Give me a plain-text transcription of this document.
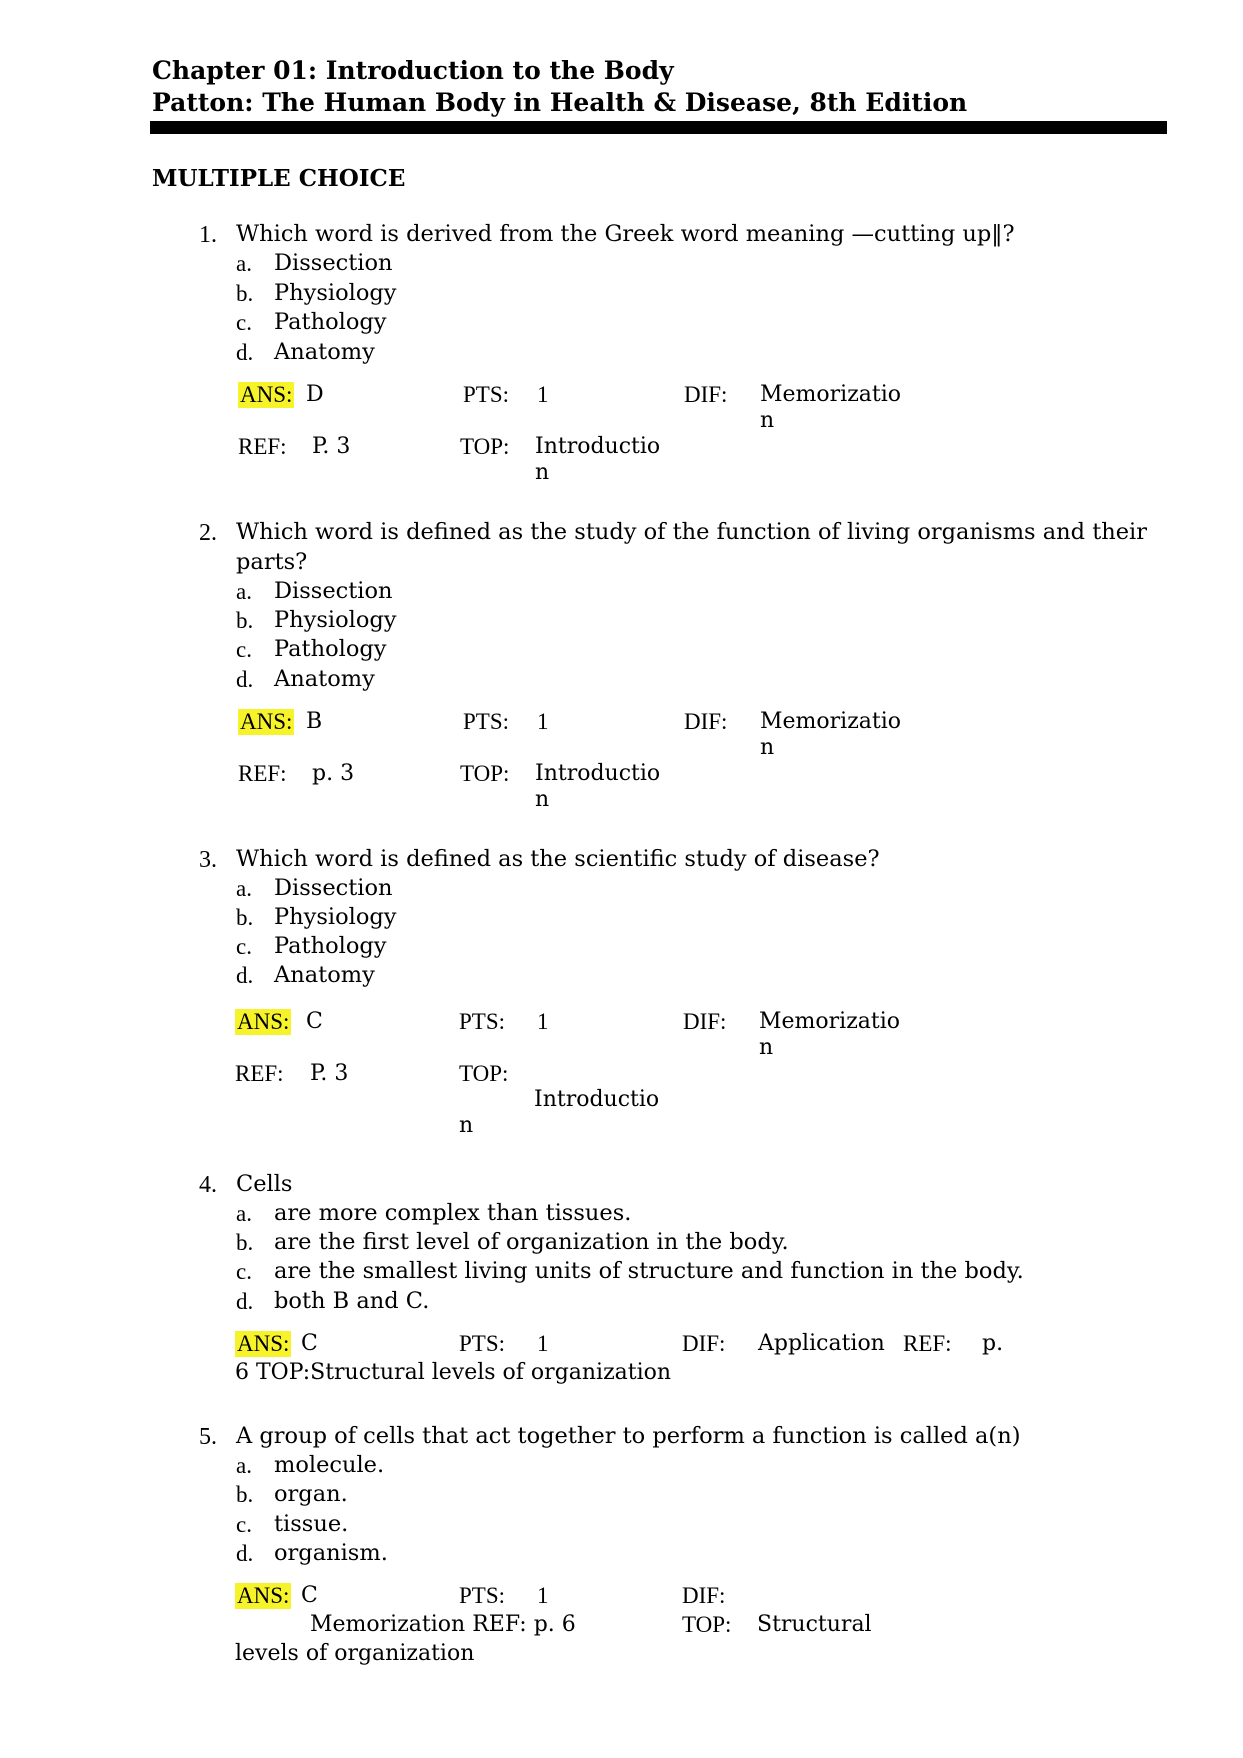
Chapter 01: Introduction to the Body
Patton: The Human Body in Health & Disease, 8th Edition
MULTIPLE CHOICE
1. Which word is derived from the Greek word meaning —cutting up‖?
a. Dissection
b. Physiology
c. Pathology
d. Anatomy
ANS: D	PTS: 1	DIF: Memorizatio
n
REF: P. 3	TOP: Introductio
n
2. Which word is defined as the study of the function of living organisms and their
parts?
a. Dissection
b. Physiology
c. Pathology
d. Anatomy
ANS: B	PTS: 1	DIF: Memorizatio
n
REF: p. 3	TOP: Introductio
n
3. Which word is defined as the scientific study of disease?
a. Dissection
b. Physiology
c. Pathology
d. Anatomy
ANS: C	PTS: 1	DIF: Memorizatio
n
REF: P. 3	TOP:
Introductio
n
4. Cells
a. are more complex than tissues.
b. are the first level of organization in the body.
c. are the smallest living units of structure and function in the body.
d. both B and C.
ANS: C	PTS: 1	DIF: Application REF: p.
6 TOP:Structural levels of organization
5. A group of cells that act together to perform a function is called a(n)
a. molecule.
b. organ.
c. tissue.
d. organism.
ANS: C	PTS: 1	DIF:
Memorization REF: p. 6	TOP: Structural
levels of organization
